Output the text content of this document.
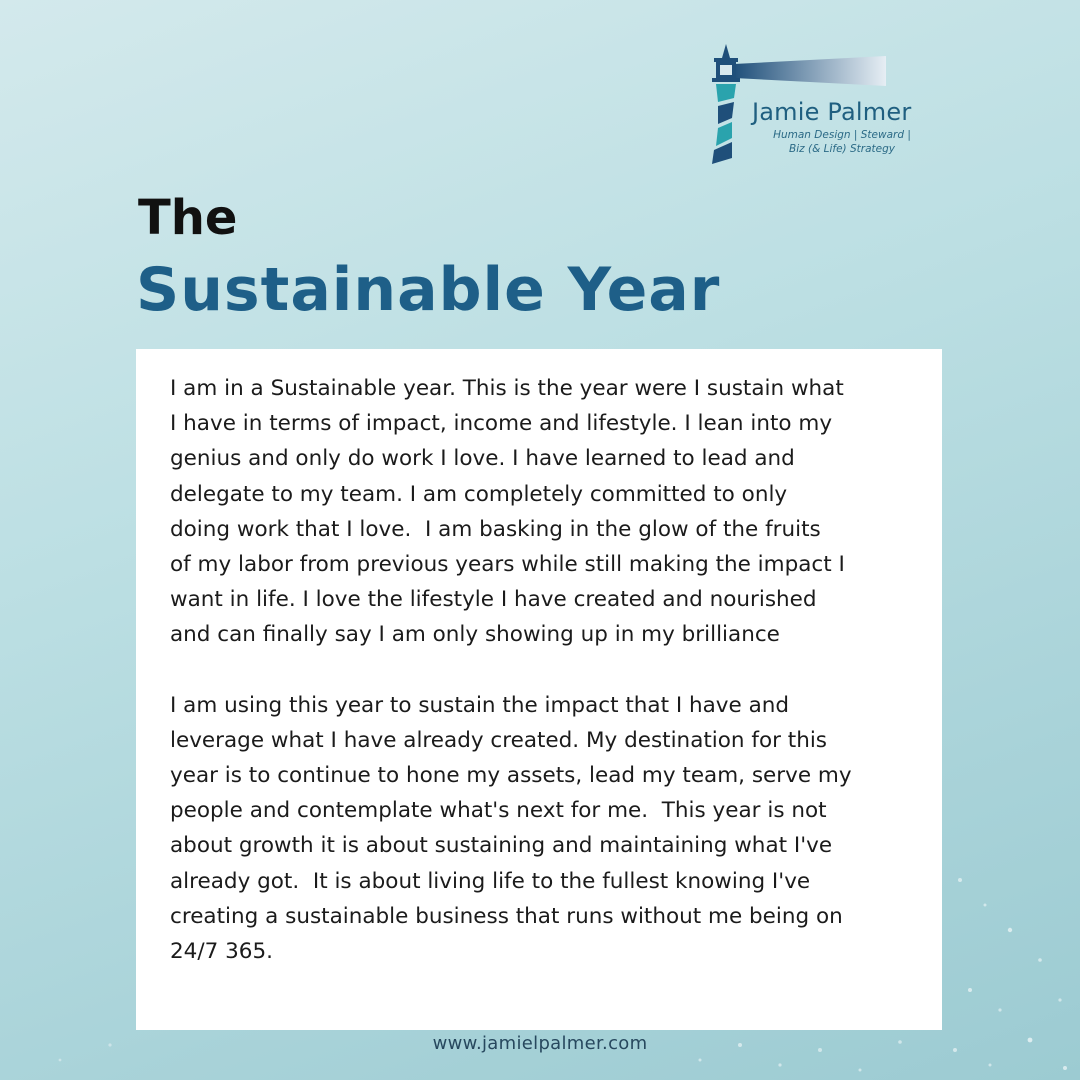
Jamie Palmer
Human Design | Steward |
Biz (& Life) Strategy
The
Sustainable Year

I am in a Sustainable year. This is the year were I sustain what
I have in terms of impact, income and lifestyle. I lean into my
genius and only do work I love. I have learned to lead and
delegate to my team. I am completely committed to only
doing work that I love.  I am basking in the glow of the fruits
of my labor from previous years while still making the impact I
want in life. I love the lifestyle I have created and nourished
and can finally say I am only showing up in my brilliance

I am using this year to sustain the impact that I have and
leverage what I have already created. My destination for this
year is to continue to hone my assets, lead my team, serve my
people and contemplate what's next for me.  This year is not
about growth it is about sustaining and maintaining what I've
already got.  It is about living life to the fullest knowing I've
creating a sustainable business that runs without me being on
24/7 365.

www.jamielpalmer.com
